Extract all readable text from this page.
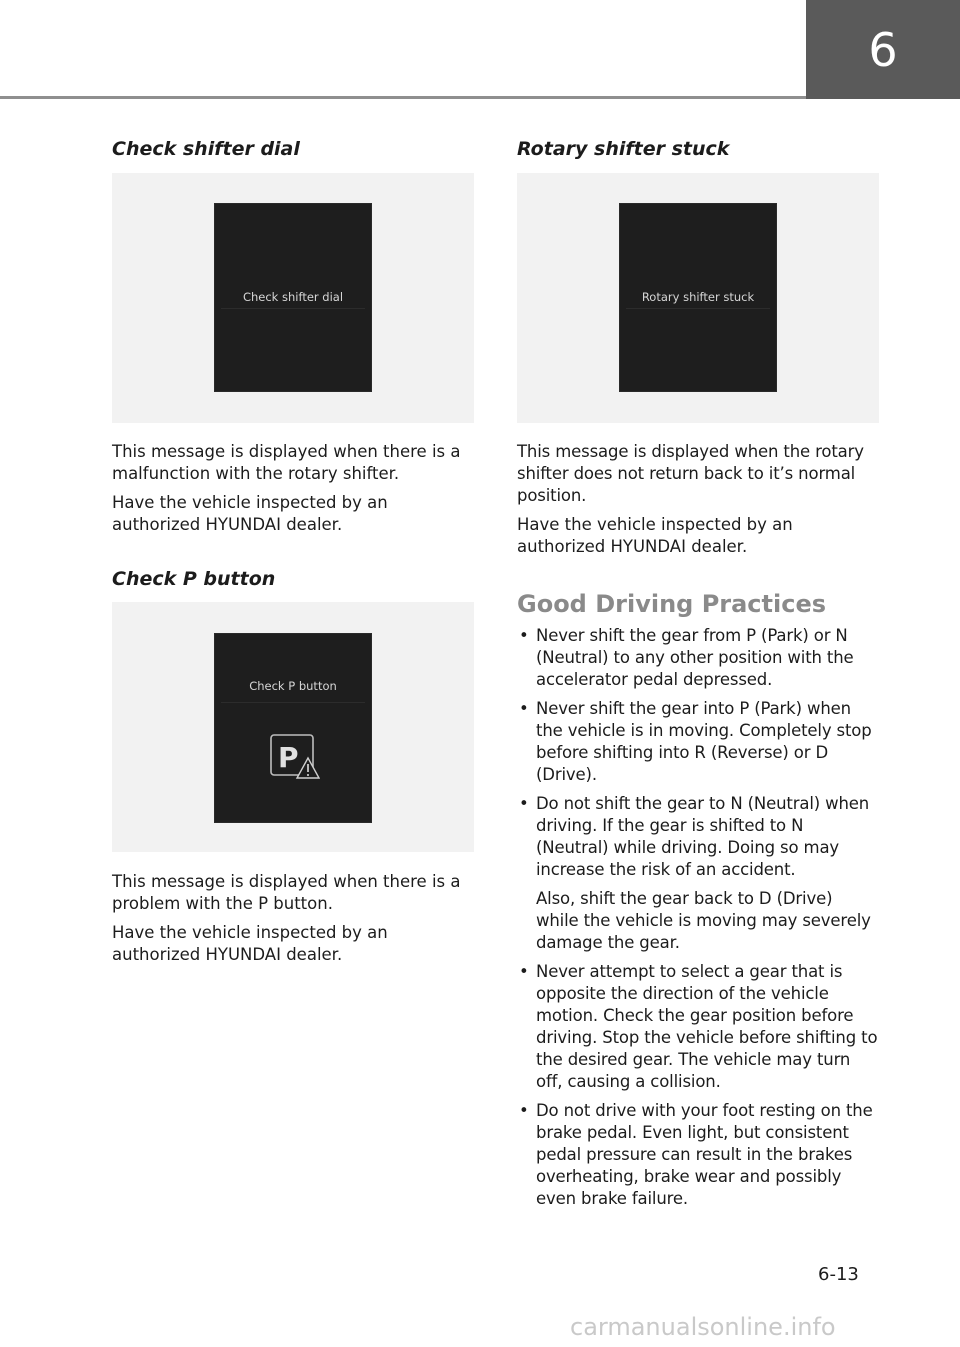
6
Check shifter dial
Check shifter dial

This message is displayed when there is a malfunction with the rotary shifter.

Have the vehicle inspected by an authorized HYUNDAI dealer.

Check P button
Check P button
P

This message is displayed when there is a problem with the P button.

Have the vehicle inspected by an authorized HYUNDAI dealer.

Rotary shifter stuck
Rotary shifter stuck

This message is displayed when the rotary shifter does not return back to it’s normal position.

Have the vehicle inspected by an authorized HYUNDAI dealer.

Good Driving Practices
• Never shift the gear from P (Park) or N (Neutral) to any other position with the accelerator pedal depressed.
• Never shift the gear into P (Park) when the vehicle is in moving. Completely stop before shifting into R (Reverse) or D (Drive).
• Do not shift the gear to N (Neutral) when driving. If the gear is shifted to N (Neutral) while driving. Doing so may increase the risk of an accident.
Also, shift the gear back to D (Drive) while the vehicle is moving may severely damage the gear.
• Never attempt to select a gear that is opposite the direction of the vehicle motion. Check the gear position before driving. Stop the vehicle before shifting to the desired gear. The vehicle may turn off, causing a collision.
• Do not drive with your foot resting on the brake pedal. Even light, but consistent pedal pressure can result in the brakes overheating, brake wear and possibly even brake failure.
6-13
carmanualsonline.info
